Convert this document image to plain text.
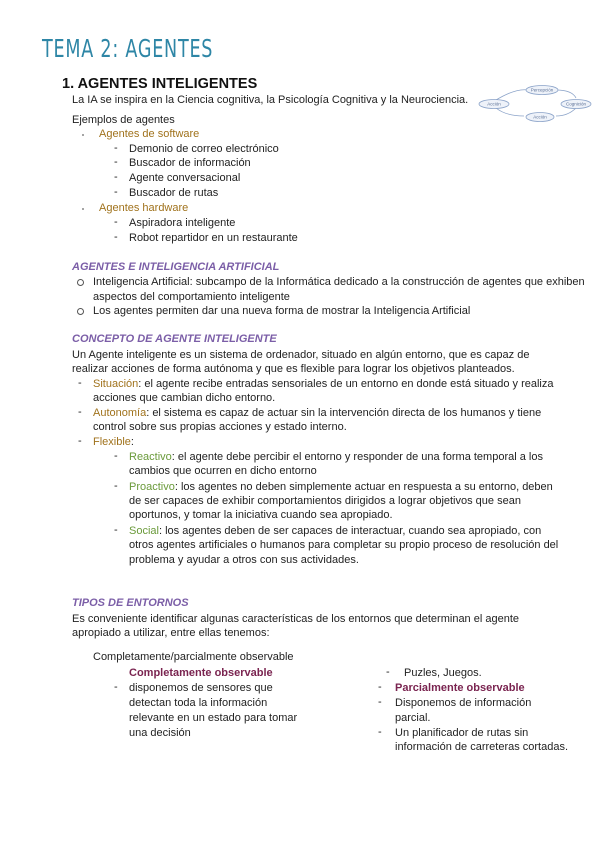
TEMA 2: AGENTES
1. AGENTES INTELIGENTES
La IA se inspira en la Ciencia cognitiva, la Psicología Cognitiva y la Neurociencia.
Ejemplos de agentes
Agentes de software
- Demonio de correo electrónico
- Buscador de información
- Agente conversacional
- Buscador de rutas
Agentes hardware
- Aspiradora inteligente
- Robot repartidor en un restaurante
Percepción
Acción	Cognición
Acción
AGENTES E INTELIGENCIA ARTIFICIAL
Inteligencia Artificial: subcampo de la Informática dedicado a la construcción de agentes que exhiben
aspectos del comportamiento inteligente
Los agentes permiten dar una nueva forma de mostrar la Inteligencia Artificial
CONCEPTO DE AGENTE INTELIGENTE
Un Agente inteligente es un sistema de ordenador, situado en algún entorno, que es capaz de
realizar acciones de forma autónoma y que es flexible para lograr los objetivos planteados.
- Situación: el agente recibe entradas sensoriales de un entorno en donde está situado y realiza
acciones que cambian dicho entorno.
- Autonomía: el sistema es capaz de actuar sin la intervención directa de los humanos y tiene
control sobre sus propias acciones y estado interno.
- Flexible:
- Reactivo: el agente debe percibir el entorno y responder de una forma temporal a los
cambios que ocurren en dicho entorno
- Proactivo: los agentes no deben simplemente actuar en respuesta a su entorno, deben
de ser capaces de exhibir comportamientos dirigidos a lograr objetivos que sean
oportunos, y tomar la iniciativa cuando sea apropiado.
- Social: los agentes deben de ser capaces de interactuar, cuando sea apropiado, con
otros agentes artificiales o humanos para completar su propio proceso de resolución del
problema y ayudar a otros con sus actividades.
TIPOS DE ENTORNOS
Es conveniente identificar algunas características de los entornos que determinan el agente
apropiado a utilizar, entre ellas tenemos:
Completamente/parcialmente observable
Completamente observable
- disponemos de sensores que
detectan toda la información
relevante en un estado para tomar
una decisión
- Puzles, Juegos.
- Parcialmente observable
- Disponemos de información
parcial.
- Un planificador de rutas sin
información de carreteras cortadas.
